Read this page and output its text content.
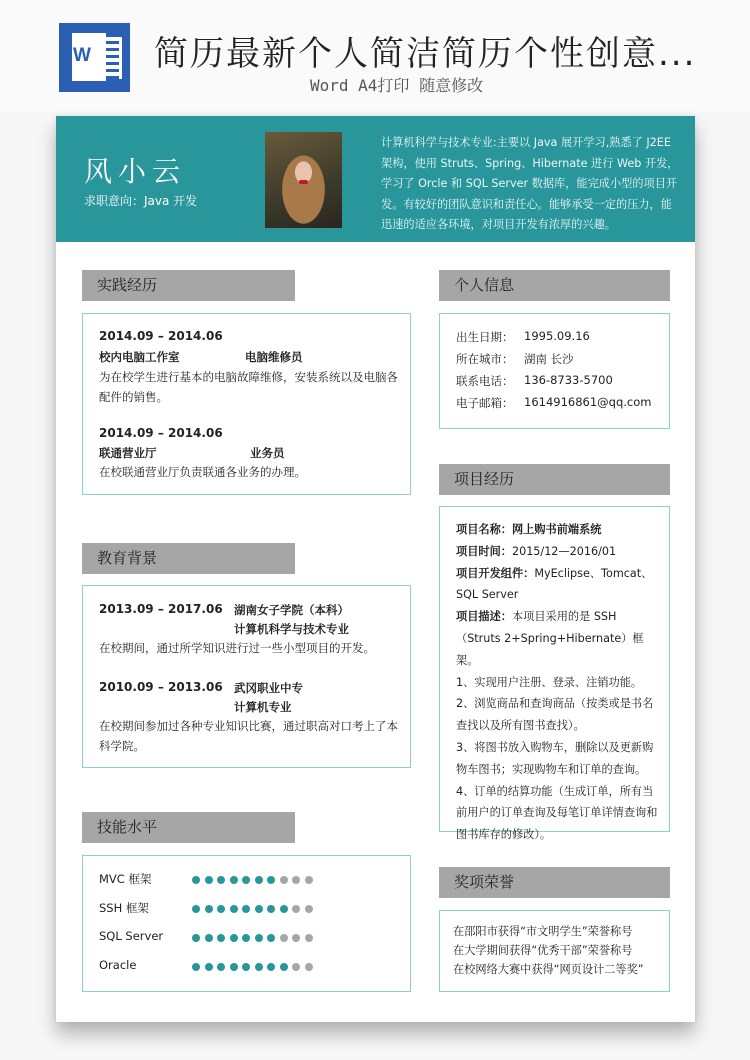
W 简历最新个人简洁简历个性创意...
Word A4打印 随意修改
风小云
求职意向：Java 开发
计算机科学与技术专业:主要以 Java 展开学习,熟悉了 J2EE 架构，使用 Struts、Spring、Hibernate 进行 Web 开发，学习了 Orcle 和 SQL Server 数据库，能完成小型的项目开发。有较好的团队意识和责任心。能够承受一定的压力，能迅速的适应各环境，对项目开发有浓厚的兴趣。
实践经历
2014.09 – 2014.06
校内电脑工作室	电脑维修员
为在校学生进行基本的电脑故障维修，安装系统以及电脑各配件的销售。
2014.09 – 2014.06
联通营业厅	业务员
在校联通营业厅负责联通各业务的办理。
个人信息
出生日期： 1995.09.16
所在城市： 湖南 长沙
联系电话： 136-8733-5700
电子邮箱： 1614916861@qq.com
教育背景
2013.09 – 2017.06 湖南女子学院（本科）
计算机科学与技术专业
在校期间，通过所学知识进行过一些小型项目的开发。
2010.09 – 2013.06 武冈职业中专
计算机专业
在校期间参加过各种专业知识比赛，通过职高对口考上了本科学院。
项目经历
项目名称：网上购书前端系统
项目时间：2015/12—2016/01
项目开发组件：MyEclipse、Tomcat、SQL Server
项目描述：本项目采用的是 SSH（Struts 2+Spring+Hibernate）框架。
1、实现用户注册、登录、注销功能。
2、浏览商品和查询商品（按类或是书名查找以及所有图书查找）。
3、将图书放入购物车，删除以及更新购物车图书；实现购物车和订单的查询。
4、订单的结算功能（生成订单，所有当前用户的订单查询及每笔订单详情查询和图书库存的修改）。
技能水平
MVC 框架
SSH 框架
SQL Server
Oracle
奖项荣誉
在邵阳市获得“市文明学生”荣誉称号
在大学期间获得“优秀干部”荣誉称号
在校网络大赛中获得“网页设计二等奖”
